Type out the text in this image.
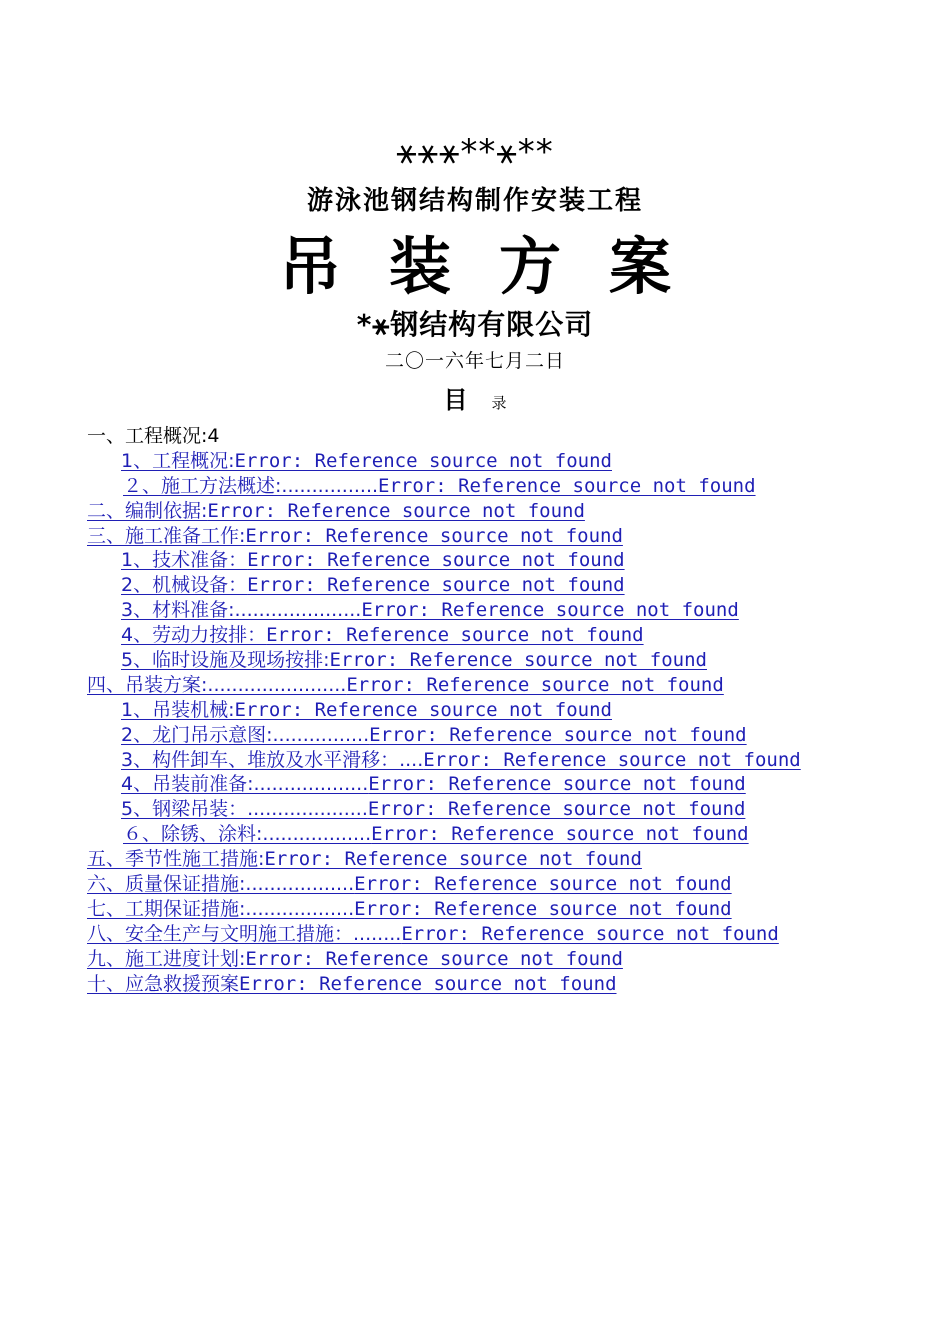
⚹⚹⚹**⚹**
游泳池钢结构制作安装工程
吊装方案
*⚹钢结构有限公司
二〇一六年七月二日
目 录
一、工程概况:4
1、工程概况:Error: Reference source not found
２、施工方法概述:................Error: Reference source not found
二、编制依据:Error: Reference source not found
三、施工准备工作:Error: Reference source not found
1、技术准备：Error: Reference source not found
2、机械设备：Error: Reference source not found
3、材料准备:.....................Error: Reference source not found
4、劳动力按排：Error: Reference source not found
5、临时设施及现场按排:Error: Reference source not found
四、吊装方案:.......................Error: Reference source not found
1、吊装机械:Error: Reference source not found
2、龙门吊示意图:................Error: Reference source not found
3、构件卸车、堆放及水平滑移：....Error: Reference source not found
4、吊装前准备:...................Error: Reference source not found
5、钢梁吊装：....................Error: Reference source not found
６、除锈、涂料:..................Error: Reference source not found
五、季节性施工措施:Error: Reference source not found
六、质量保证措施:..................Error: Reference source not found
七、工期保证措施:..................Error: Reference source not found
八、安全生产与文明施工措施：........Error: Reference source not found
九、施工进度计划:Error: Reference source not found
十、应急救援预案Error: Reference source not found
